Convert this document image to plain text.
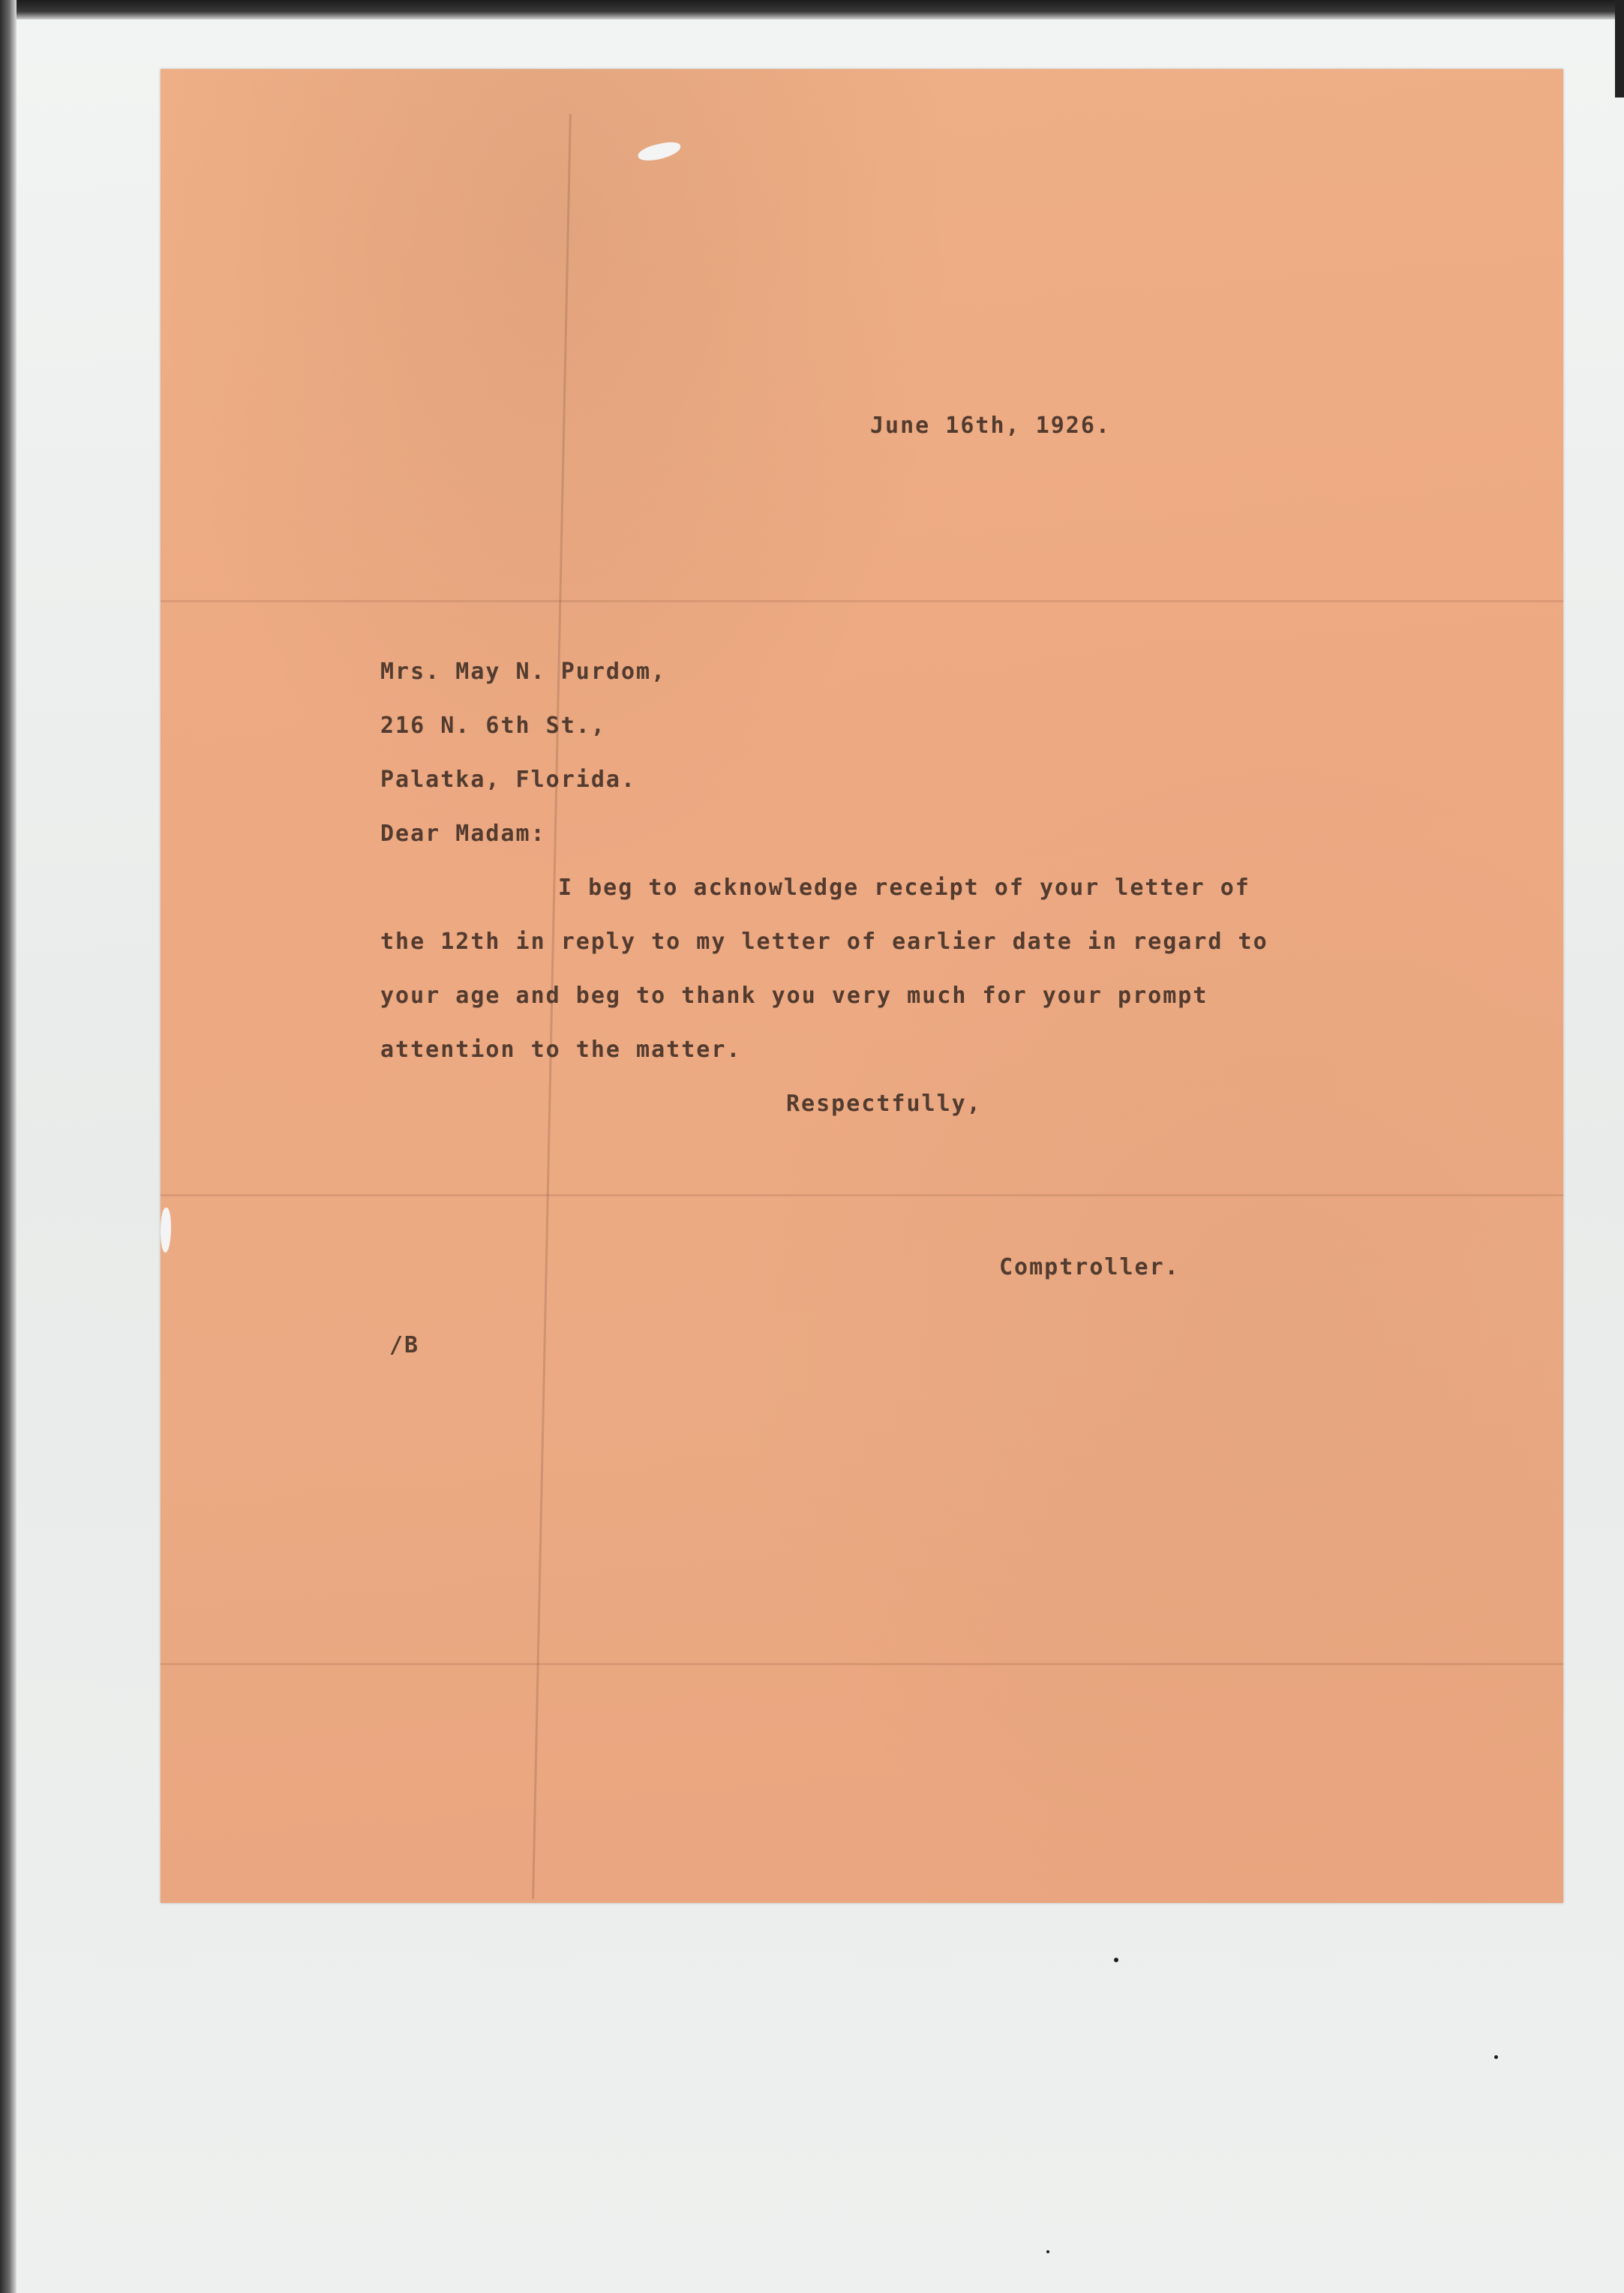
June 16th, 1926.
Mrs. May N. Purdom,
216 N. 6th St.,
Palatka, Florida.
Dear Madam:
I beg to acknowledge receipt of your letter of
the 12th in reply to my letter of earlier date in regard to
your age and beg to thank you very much for your prompt
attention to the matter.
Respectfully,
Comptroller.
/B
